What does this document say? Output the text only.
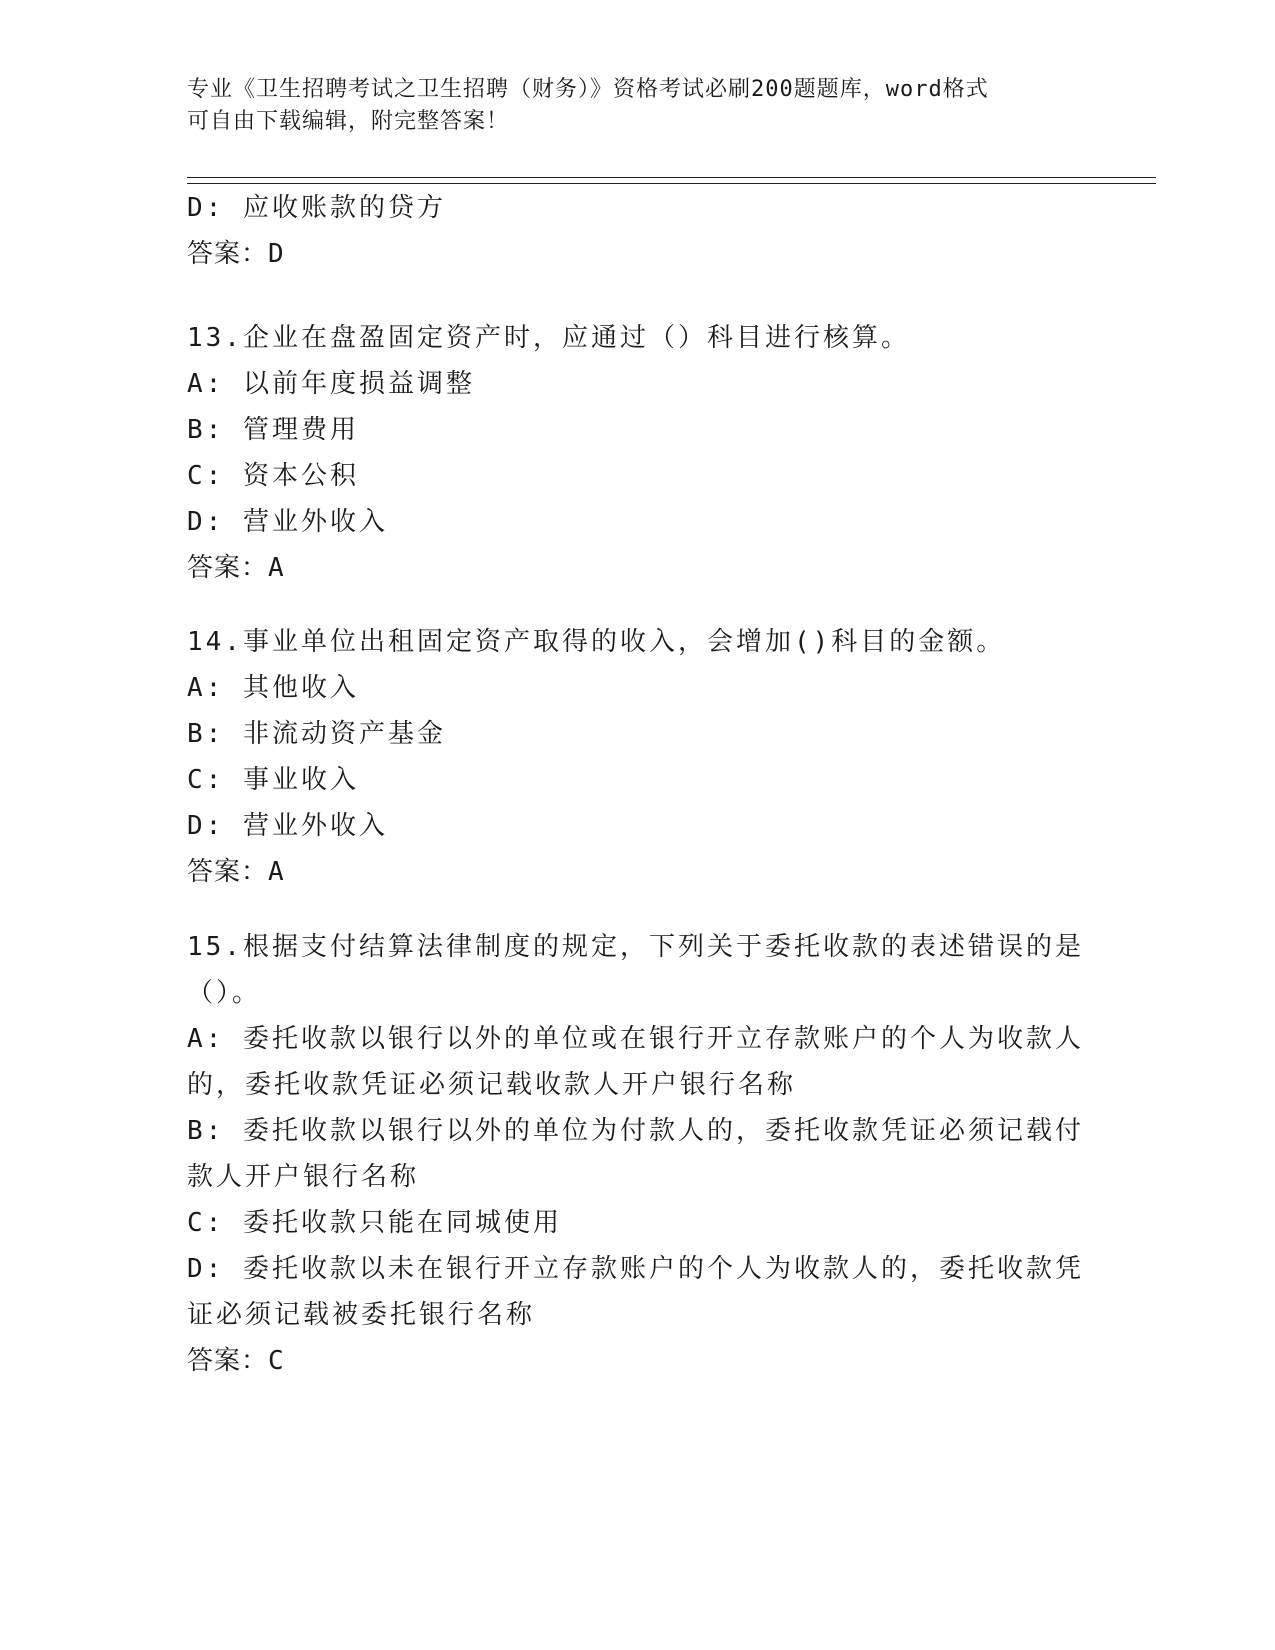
专业《卫生招聘考试之卫生招聘（财务）》资格考试必刷200题题库，word格式
可自由下载编辑，附完整答案！
D: 应收账款的贷方
答案：D
13.企业在盘盈固定资产时，应通过（）科目进行核算。
A: 以前年度损益调整
B: 管理费用
C: 资本公积
D: 营业外收入
答案：A
14.事业单位出租固定资产取得的收入，会增加()科目的金额。
A: 其他收入
B: 非流动资产基金
C: 事业收入
D: 营业外收入
答案：A
15.根据支付结算法律制度的规定，下列关于委托收款的表述错误的是
（）。
A: 委托收款以银行以外的单位或在银行开立存款账户的个人为收款人
的，委托收款凭证必须记载收款人开户银行名称
B: 委托收款以银行以外的单位为付款人的，委托收款凭证必须记载付
款人开户银行名称
C: 委托收款只能在同城使用
D: 委托收款以未在银行开立存款账户的个人为收款人的，委托收款凭
证必须记载被委托银行名称
答案：C
